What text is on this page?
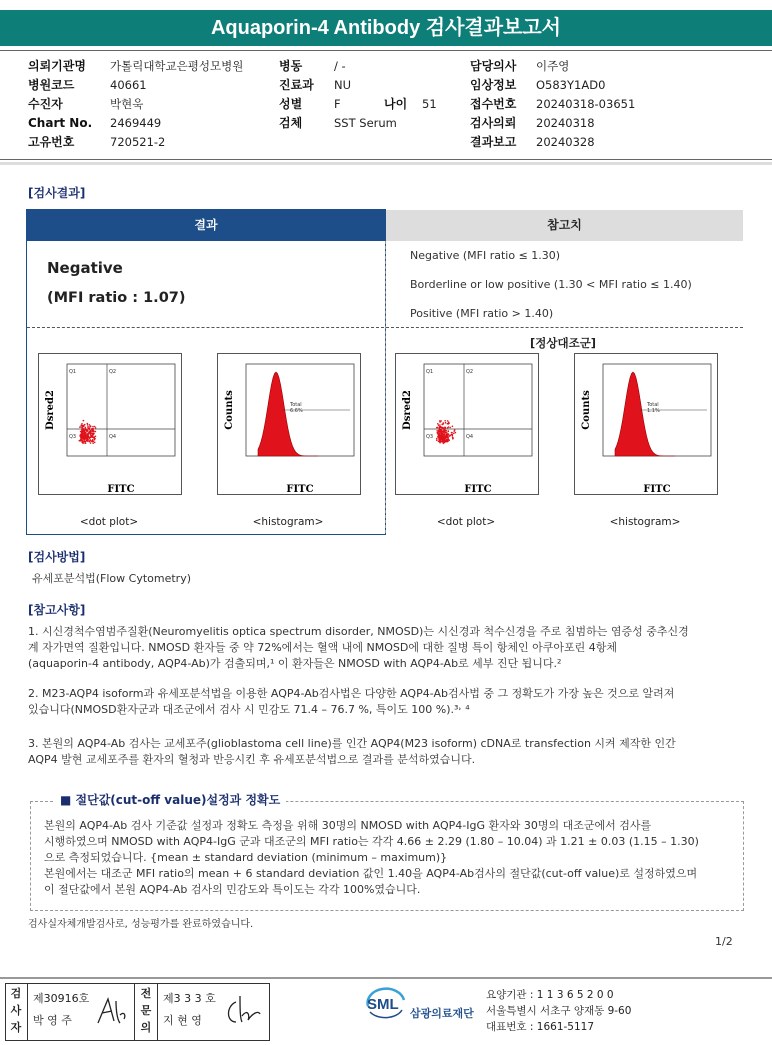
Aquaporin-4 Antibody 검사결과보고서
의뢰기관명 가톨릭대학교은평성모병원
병원코드	40661
수진자	박현욱
Chart No. 2469449
고유번호	720521-2
병동	/ -
진료과 NU
성별	F	나이 51
검체	SST Serum
담당의사 이주영
임상정보 O583Y1AD0
접수번호 20240318-03651
검사의뢰 20240318
결과보고 20240328
[검사결과]
결과	참고치
Negative
(MFI ratio : 1.07)
Negative (MFI ratio ≤ 1.30)
Borderline or low positive (1.30 < MFI ratio ≤ 1.40)
Positive (MFI ratio > 1.40)
[정상대조군]
Dsred2
FITC
Q1	Q2
Q3	Q4
<dot plot>
Counts
FITC
Total
6.6%
<histogram>
Dsred2
FITC
Q1	Q2
Q3	Q4
<dot plot>
Counts
FITC
Total
1.1%
<histogram>
[검사방법]
유세포분석법(Flow Cytometry)
[참고사항]
1. 시신경척수염범주질환(Neuromyelitis optica spectrum disorder, NMOSD)는 시신경과 척수신경을 주로 침범하는 염증성 중추신경
계 자가면역 질환입니다. NMOSD 환자들 중 약 72%에서는 혈액 내에 NMOSD에 대한 질병 특이 항체인 아쿠아포린 4항체
(aquaporin-4 antibody, AQP4-Ab)가 검출되며,¹ 이 환자들은 NMOSD with AQP4-Ab로 세부 진단 됩니다.²
2. M23-AQP4 isoform과 유세포분석법을 이용한 AQP4-Ab검사법은 다양한 AQP4-Ab검사법 중 그 정확도가 가장 높은 것으로 알려져
있습니다(NMOSD환자군과 대조군에서 검사 시 민감도 71.4 – 76.7 %, 특이도 100 %).³˒ ⁴
3. 본원의 AQP4-Ab 검사는 교세포주(glioblastoma cell line)를 인간 AQP4(M23 isoform) cDNA로 transfection 시켜 제작한 인간
AQP4 발현 교세포주를 환자의 혈청과 반응시킨 후 유세포분석법으로 결과를 분석하였습니다.
■ 절단값(cut-off value)설정과 정확도
본원의 AQP4-Ab 검사 기준값 설정과 정확도 측정을 위해 30명의 NMOSD with AQP4-IgG 환자와 30명의 대조군에서 검사를
시행하였으며 NMOSD with AQP4-IgG 군과 대조군의 MFI ratio는 각각 4.66 ± 2.29 (1.80 – 10.04) 과 1.21 ± 0.03 (1.15 – 1.30)
으로 측정되었습니다. {mean ± standard deviation (minimum – maximum)}
본원에서는 대조군 MFI ratio의 mean + 6 standard deviation 값인 1.40을 AQP4-Ab검사의 절단값(cut-off value)로 설정하였으며
이 절단값에서 본원 AQP4-Ab 검사의 민감도와 특이도는 각각 100%였습니다.
검사실자체개발검사로, 성능평가를 완료하였습니다.
1/2
검
사
자
제30916호
박 영 주
전
문
의
제3 3 3 호
지 현 영
SML
삼광의료재단
요양기관 : 1 1 3 6 5 2 0 0
서울특별시 서초구 양재동 9-60
대표번호 : 1661-5117
